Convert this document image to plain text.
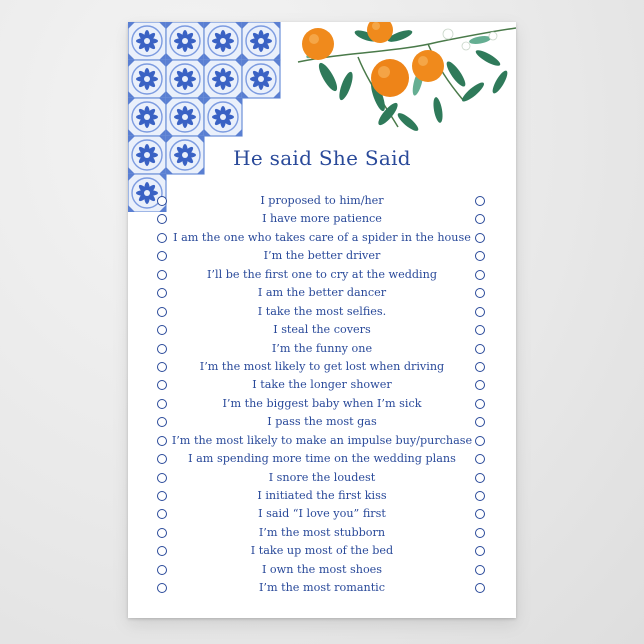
He said She Said
I proposed to him/her
I have more patience
I am the one who takes care of a spider in the house
I’m the better driver
I’ll be the first one to cry at the wedding
I am the better dancer
I take the most selfies.
I steal the covers
I’m the funny one
I’m the most likely to get lost when driving
I take the longer shower
I’m the biggest baby when I’m sick
I pass the most gas
I’m the most likely to make an impulse buy/purchase
I am spending more time on the wedding plans
I snore the loudest
I initiated the first kiss
I said “I love you” first
I’m the most stubborn
I take up most of the bed
I own the most shoes
I’m the most romantic
